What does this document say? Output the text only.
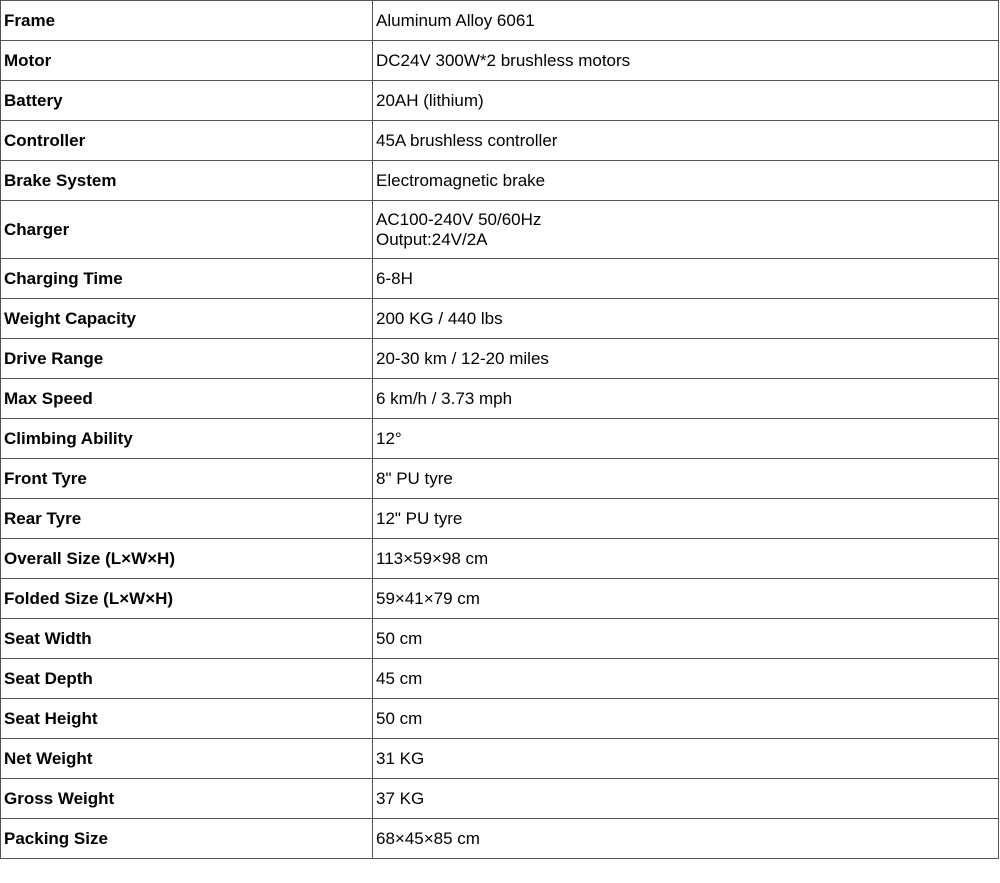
Frame	Aluminum Alloy 6061

Motor	DC24V 300W*2 brushless motors

Battery	20AH (lithium)

Controller	45A brushless controller

Brake System	Electromagnetic brake

Charger	AC100-240V 50/60Hz
Output:24V/2A

Charging Time	6-8H

Weight Capacity	200 KG / 440 lbs

Drive Range	20-30 km / 12-20 miles

Max Speed	6 km/h / 3.73 mph

Climbing Ability	12°

Front Tyre	8" PU tyre

Rear Tyre	12" PU tyre

Overall Size (L×W×H)	113×59×98 cm

Folded Size (L×W×H)	59×41×79 cm

Seat Width	50 cm

Seat Depth	45 cm

Seat Height	50 cm

Net Weight	31 KG

Gross Weight	37 KG

Packing Size	68×45×85 cm
